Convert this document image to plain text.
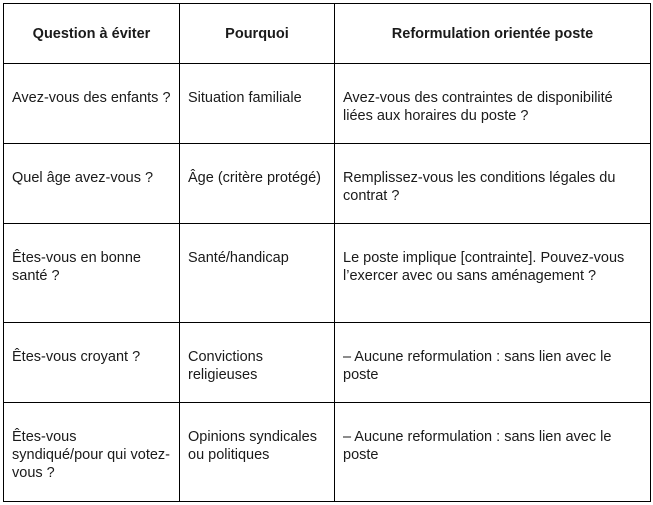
Question à éviter	Pourquoi	Reformulation orientée poste
Avez-vous des enfants ?	Situation familiale	Avez-vous des contraintes de disponibilité liées aux horaires du poste ?
Quel âge avez-vous ?	Âge (critère protégé)	Remplissez-vous les conditions légales du contrat ?
Êtes-vous en bonne santé ?	Santé/handicap	Le poste implique [contrainte]. Pouvez-vous l’exercer avec ou sans aménagement ?
Êtes-vous croyant ?	Convictions religieuses	– Aucune reformulation : sans lien avec le poste
Êtes-vous syndiqué/pour qui votez-vous ?	Opinions syndicales ou politiques	– Aucune reformulation : sans lien avec le poste
